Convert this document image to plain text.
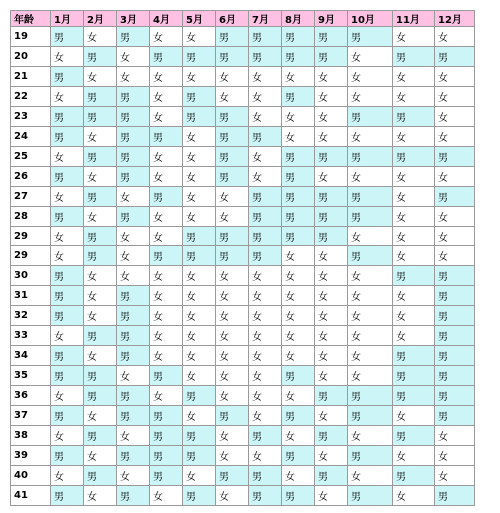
年龄	1月	2月	3月	4月	5月	6月	7月	8月	9月	10月	11月	12月
19	男	女	男	女	女	男	男	男	男	男	女	女
20	女	男	女	男	男	男	男	男	男	女	男	男
21	男	女	女	女	女	女	女	女	女	女	女	女
22	女	男	男	女	男	女	女	男	女	女	女	女
23	男	男	男	女	男	男	女	女	女	男	男	女
24	男	女	男	男	女	男	男	女	女	女	女	女
25	女	男	男	女	女	男	女	男	男	男	男	男
26	男	女	男	女	女	男	女	男	女	女	女	女
27	女	男	女	男	女	女	男	男	男	男	女	男
28	男	女	男	女	女	女	男	男	男	男	女	女
29	女	男	女	女	男	男	男	男	男	女	女	女
29	女	男	女	男	男	男	男	女	女	男	女	女
30	男	女	女	女	女	女	女	女	女	女	男	男
31	男	女	男	女	女	女	女	女	女	女	女	男
32	男	女	男	女	女	女	女	女	女	女	女	男
33	女	男	男	女	女	女	女	女	女	女	女	男
34	男	女	男	女	女	女	女	女	女	女	男	男
35	男	男	女	男	女	女	女	男	女	女	男	男
36	女	男	男	女	男	女	女	女	男	男	男	男
37	男	女	男	男	女	男	女	男	女	男	女	男
38	女	男	女	男	男	女	男	女	男	女	男	女
39	男	女	男	男	男	女	女	男	女	男	女	女
40	女	男	女	男	女	男	男	女	男	女	男	女
41	男	女	男	女	男	女	男	男	女	男	女	男
